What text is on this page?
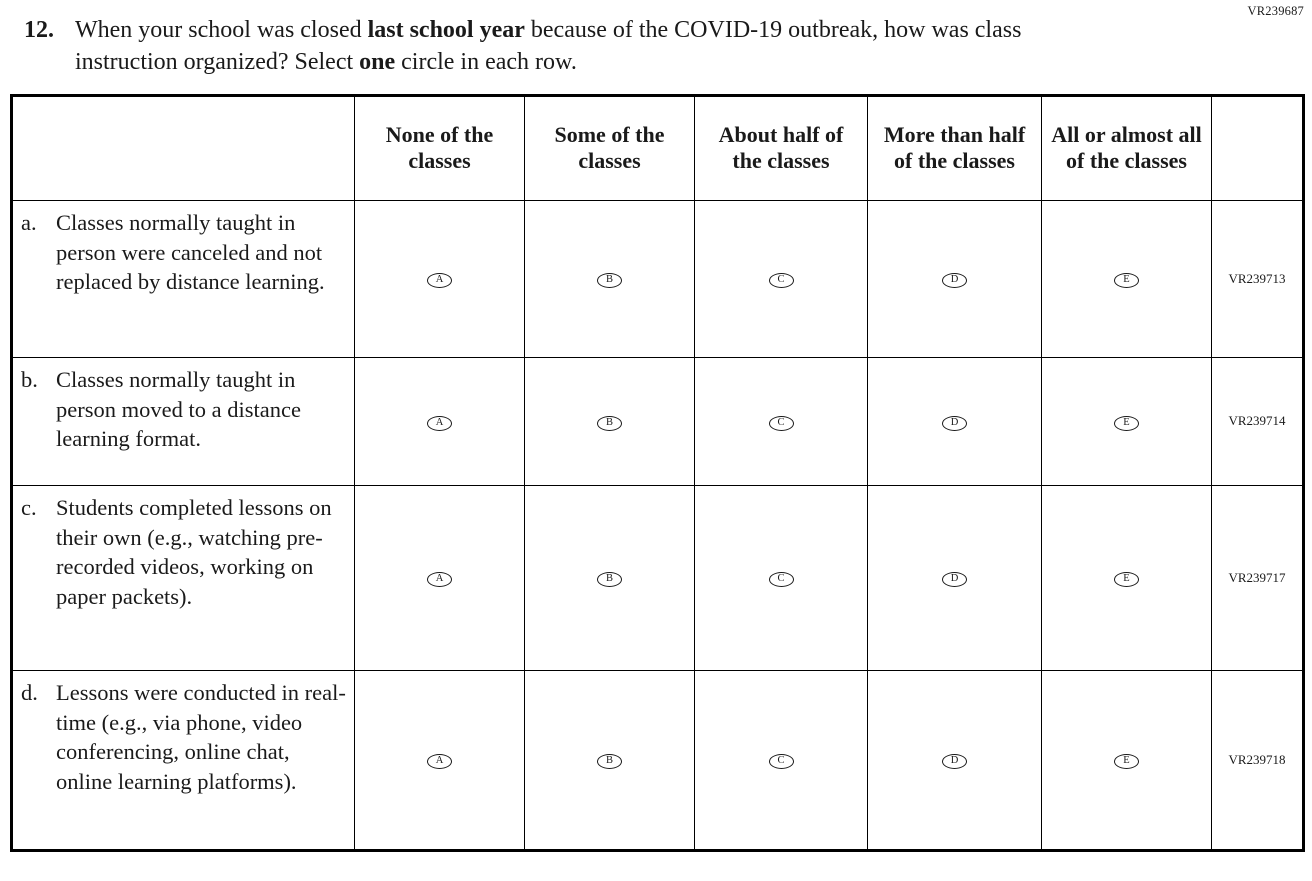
VR239687
12. When your school was closed last school year because of the COVID-19 outbreak, how was class instruction organized? Select one circle in each row.

	None of the classes	Some of the classes	About half of the classes	More than half of the classes	All or almost all of the classes	

a. Classes normally taught in person were canceled and not replaced by distance learning.	A	B	C	D	E	VR239713

b. Classes normally taught in person moved to a distance learning format.	A	B	C	D	E	VR239714

c. Students completed lessons on their own (e.g., watching pre-recorded videos, working on paper packets).	A	B	C	D	E	VR239717

d. Lessons were conducted in real-time (e.g., via phone, video conferencing, online chat, online learning platforms).	A	B	C	D	E	VR239718
